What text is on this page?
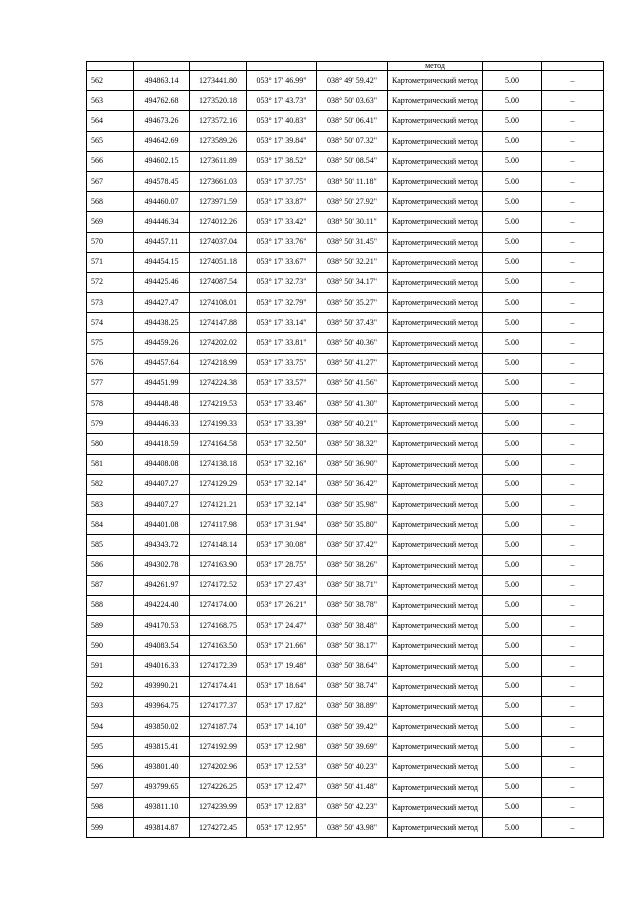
					метод		
562	494863.14	1273441.80	053° 17' 46.99"	038° 49' 59.42"	Картометрический метод	5.00	–
563	494762.68	1273520.18	053° 17' 43.73"	038° 50' 03.63"	Картометрический метод	5.00	–
564	494673.26	1273572.16	053° 17' 40.83"	038° 50' 06.41"	Картометрический метод	5.00	–
565	494642.69	1273589.26	053° 17' 39.84"	038° 50' 07.32"	Картометрический метод	5.00	–
566	494602.15	1273611.89	053° 17' 38.52"	038° 50' 08.54"	Картометрический метод	5.00	–
567	494578.45	1273661.03	053° 17' 37.75"	038° 50' 11.18"	Картометрический метод	5.00	–
568	494460.07	1273971.59	053° 17' 33.87"	038° 50' 27.92"	Картометрический метод	5.00	–
569	494446.34	1274012.26	053° 17' 33.42"	038° 50' 30.11"	Картометрический метод	5.00	–
570	494457.11	1274037.04	053° 17' 33.76"	038° 50' 31.45"	Картометрический метод	5.00	–
571	494454.15	1274051.18	053° 17' 33.67"	038° 50' 32.21"	Картометрический метод	5.00	–
572	494425.46	1274087.54	053° 17' 32.73"	038° 50' 34.17"	Картометрический метод	5.00	–
573	494427.47	1274108.01	053° 17' 32.79"	038° 50' 35.27"	Картометрический метод	5.00	–
574	494438.25	1274147.88	053° 17' 33.14"	038° 50' 37.43"	Картометрический метод	5.00	–
575	494459.26	1274202.02	053° 17' 33.81"	038° 50' 40.36"	Картометрический метод	5.00	–
576	494457.64	1274218.99	053° 17' 33.75"	038° 50' 41.27"	Картометрический метод	5.00	–
577	494451.99	1274224.38	053° 17' 33.57"	038° 50' 41.56"	Картометрический метод	5.00	–
578	494448.48	1274219.53	053° 17' 33.46"	038° 50' 41.30"	Картометрический метод	5.00	–
579	494446.33	1274199.33	053° 17' 33.39"	038° 50' 40.21"	Картометрический метод	5.00	–
580	494418.59	1274164.58	053° 17' 32.50"	038° 50' 38.32"	Картометрический метод	5.00	–
581	494408.08	1274138.18	053° 17' 32.16"	038° 50' 36.90"	Картометрический метод	5.00	–
582	494407.27	1274129.29	053° 17' 32.14"	038° 50' 36.42"	Картометрический метод	5.00	–
583	494407.27	1274121.21	053° 17' 32.14"	038° 50' 35.98"	Картометрический метод	5.00	–
584	494401.08	1274117.98	053° 17' 31.94"	038° 50' 35.80"	Картометрический метод	5.00	–
585	494343.72	1274148.14	053° 17' 30.08"	038° 50' 37.42"	Картометрический метод	5.00	–
586	494302.78	1274163.90	053° 17' 28.75"	038° 50' 38.26"	Картометрический метод	5.00	–
587	494261.97	1274172.52	053° 17' 27.43"	038° 50' 38.71"	Картометрический метод	5.00	–
588	494224.40	1274174.00	053° 17' 26.21"	038° 50' 38.78"	Картометрический метод	5.00	–
589	494170.53	1274168.75	053° 17' 24.47"	038° 50' 38.48"	Картометрический метод	5.00	–
590	494083.54	1274163.50	053° 17' 21.66"	038° 50' 38.17"	Картометрический метод	5.00	–
591	494016.33	1274172.39	053° 17' 19.48"	038° 50' 38.64"	Картометрический метод	5.00	–
592	493990.21	1274174.41	053° 17' 18.64"	038° 50' 38.74"	Картометрический метод	5.00	–
593	493964.75	1274177.37	053° 17' 17.82"	038° 50' 38.89"	Картометрический метод	5.00	–
594	493850.02	1274187.74	053° 17' 14.10"	038° 50' 39.42"	Картометрический метод	5.00	–
595	493815.41	1274192.99	053° 17' 12.98"	038° 50' 39.69"	Картометрический метод	5.00	–
596	493801.40	1274202.96	053° 17' 12.53"	038° 50' 40.23"	Картометрический метод	5.00	–
597	493799.65	1274226.25	053° 17' 12.47"	038° 50' 41.48"	Картометрический метод	5.00	–
598	493811.10	1274239.99	053° 17' 12.83"	038° 50' 42.23"	Картометрический метод	5.00	–
599	493814.87	1274272.45	053° 17' 12.95"	038° 50' 43.98"	Картометрический метод	5.00	–
